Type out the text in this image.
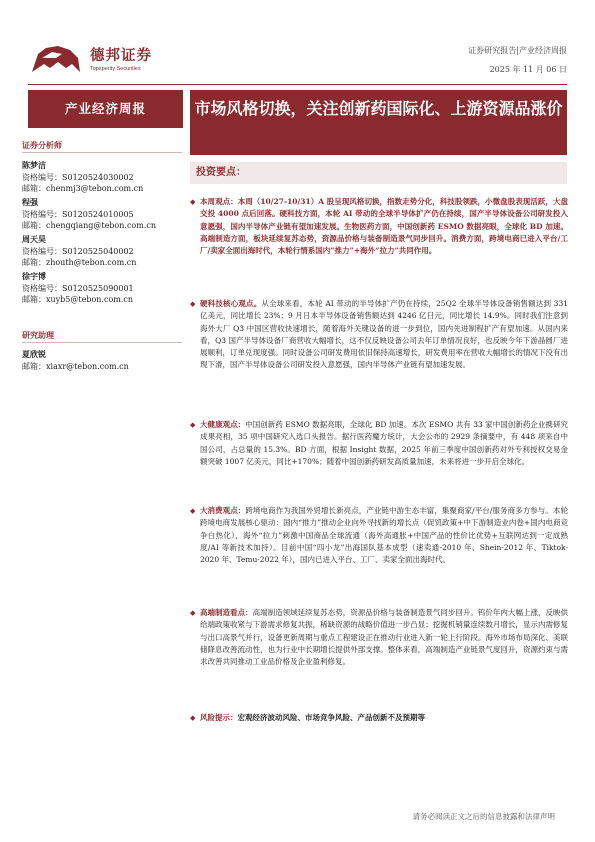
德邦证券
Topsperity Securities
证券研究报告|产业经济周报
2025 年 11 月 06 日
产业经济周报	市场风格切换，关注创新药国际化、上游资源品涨价
证券分析师
陈梦洁
资格编号：S0120524030002
邮箱：chenmj3@tebon.com.cn
程强
资格编号：S0120524010005
邮箱：chengqiang@tebon.com.cn
周天昊
资格编号：S0120525040002
邮箱：zhouth@tebon.com.cn
徐宇博
资格编号：S0120525090001
邮箱：xuyb5@tebon.com.cn
研究助理
夏欣锐
邮箱：xiaxr@tebon.com.cn
投资要点：
◆ 本周观点：本周（10/27-10/31）A 股呈现风格切换，指数走势分化，科技股领跌，小微盘股表现活跃，大盘交投 4000 点后回落。硬科技方面，本轮 AI 带动的全球半导体扩产仍在持续，国产半导体设备公司研发投入意愿强，国内半导体产业链有望加速发展。生物医药方面，中国创新药 ESMO 数据亮眼，全球化 BD 加速。高端制造方面，板块延续复苏态势，资源品价格与装备制造景气同步回升。消费方面，跨境电商已进入平台/工厂/卖家全面出海时代，本轮行情系国内“推力”+海外“拉力”共同作用。
◆ 硬科技核心观点。从全球来看，本轮 AI 带动的半导体扩产仍在持续，25Q2 全球半导体设备销售额达到 331 亿美元，同比增长 23%；9 月日本半导体设备销售额达到 4246 亿日元，同比增长 14.9%。同时我们注意到海外大厂 Q3 中国区营收快速增长，随着海外关键设备的进一步到位，国内先进制程扩产有望加速。从国内来看，Q3 国产半导体设备厂商营收大幅增长，这不仅反映设备公司去年订单情况良好，也反映今年下游晶圆厂进展顺利，订单兑现度强。同时设备公司研发费用依旧保持高速增长，研发费用率在营收大幅增长的情况下没有出现下滑，国产半导体设备公司研发投入意愿强，国内半导体产业链有望加速发展。
◆ 大健康观点：中国创新药 ESMO 数据亮眼，全球化 BD 加速。本次 ESMO 共有 33 家中国创新药企业携研究成果亮相，35 项中国研究入选口头报告。据行医药魔方统计，大会公布的 2929 条摘要中，有 448 项来自中国公司，占总量的 15.3%。BD 方面，根据 Insight 数据，2025 年前三季度中国创新药对外专利授权交易金额突破 1007 亿美元，同比+170%；随着中国创新药研发高质量加速，未来将进一步开启全球化。
◆ 大消费观点：跨境电商作为我国外贸增长新亮点，产业链中游生态丰富，集聚商家/平台/服务商多方参与。本轮跨境电商发展核心驱动：国内“推力”推动企业向外寻找新的增长点（促贸政策+中下游制造业内卷+国内电商竞争白热化），海外“拉力”刺激中国商品全球流通（海外高通胀+中国产品的性价比优势+互联网达到一定成熟度/AI 等新技术加持）。目前中国“四小龙”出海国队基本成型（速卖通-2010 年、Shein-2012 年、Tiktok-2020 年、Temu-2022 年），国内已进入平台、工厂、卖家全面出海时代。
◆ 高端制造看点：高端制造领域延续复苏态势，资源品价格与装备制造景气同步回升。钨价年内大幅上涨，反映供给端政策收紧与下游需求修复共振，稀缺资源的战略价值进一步凸显；挖掘机销量连续数月增长，显示内需修复与出口高景气并行，设备更新周期与重点工程建设正在推动行业进入新一轮上行阶段。海外市场布局深化、美联储降息改善流动性，也为行业中长期增长提供外部支撑。整体来看，高端制造产业链景气度回升，资源约束与需求改善共同推动工业品价格及企业盈利修复。
◆ 风险提示：宏观经济波动风险、市场竞争风险、产品创新不及预期等
请务必阅读正文之后的信息披露和法律声明
